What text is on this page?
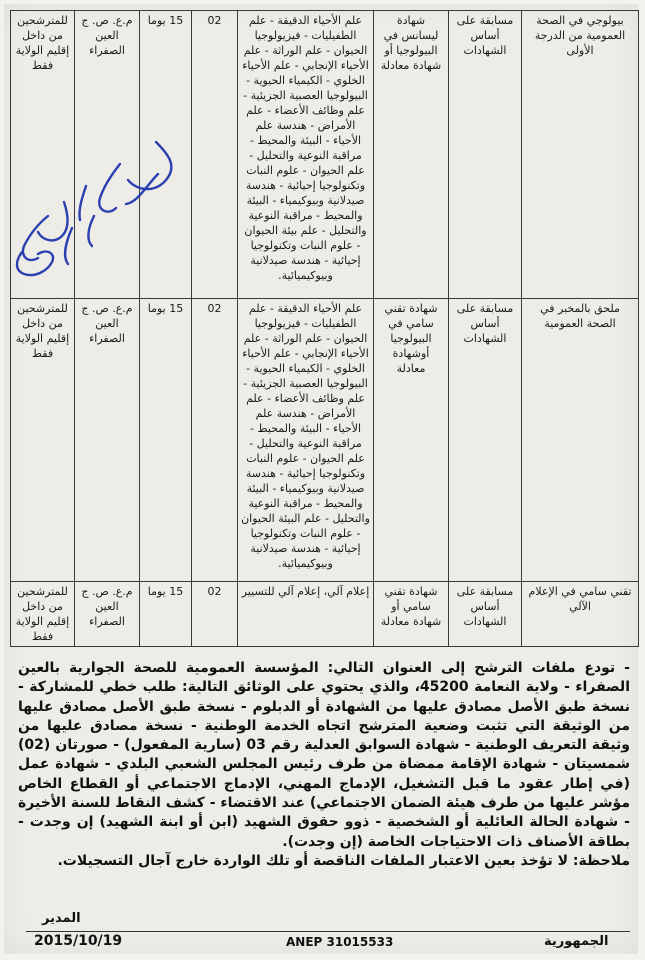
بيولوجي في الصحة العمومية من الدرجة الأولى	مسابقة على أساس الشهادات	شهادة ليسانس في البيولوجيا أو شهادة معادلة	علم الأحياء الدقيقة - علم الطفيليات - فيزيولوجيا الحيوان - علم الوراثة - علم الأحياء الإنجابي - علم الأحياء الخلوي - الكيمياء الحيوية - البيولوجيا العصبية الجزيئية - علم وظائف الأعضاء - علم الأمراض - هندسة علم الأحياء - البيئة والمحيط - مراقبة النوعية والتحليل - علم الحيوان - علوم النبات وتكنولوجيا إحيائية - هندسة صيدلانية وبيوكيمياء - البيئة والمحيط - مراقبة النوعية والتحليل - علم بيئة الحيوان - علوم النبات وتكنولوجيا إحيائية - هندسة صيدلانية وبيوكيميائية.	02	15 يوما	م.ع. ص. ج العين الصفراء	للمترشحين من داخل إقليم الولاية فقط
ملحق بالمخبر في الصحة العمومية	مسابقة على أساس الشهادات	شهادة تقني سامي في البيولوجيا أوشهادة معادلة	علم الأحياء الدقيقة - علم الطفيليات - فيزيولوجيا الحيوان - علم الوراثة - علم الأحياء الإنجابي - علم الأحياء الخلوي - الكيمياء الحيوية - البيولوجيا العصبية الجزيئية - علم وظائف الأعضاء - علم الأمراض - هندسة علم الأحياء - البيئة والمحيط - مراقبة النوعية والتحليل - علم الحيوان - علوم النبات وتكنولوجيا إحيائية - هندسة صيدلانية وبيوكيمياء - البيئة والمحيط - مراقبة النوعية والتحليل - علم البيئة الحيوان - علوم النبات وتكنولوجيا إحيائية - هندسة صيدلانية وبيوكيميائية.	02	15 يوما	م.ع. ص. ج العين الصفراء	للمترشحين من داخل إقليم الولاية فقط
تقني سامي في الإعلام الآلي	مسابقة على أساس الشهادات	شهادة تقني سامي أو شهادة معادلة	إعلام آلي، إعلام آلي للتسيير	02	15 يوما	م.ع. ص. ج العين الصفراء	للمترشحين من داخل إقليم الولاية فقط

- تودع ملفات الترشح إلى العنوان التالي: المؤسسة العمومية للصحة الجوارية بالعين الصفراء - ولاية النعامة 45200، والذي يحتوي على الوثائق التالية: طلب خطي للمشاركة - نسخة طبق الأصل مصادق عليها من الشهادة أو الدبلوم - نسخة طبق الأصل مصادق عليها من الوثيقة التي تثبت وضعية المترشح اتجاه الخدمة الوطنية - نسخة مصادق عليها من وثيقة التعريف الوطنية - شهادة السوابق العدلية رقم 03 (سارية المفعول) - صورتان (02) شمسيتان - شهادة الإقامة ممضاة من طرف رئيس المجلس الشعبي البلدي - شهادة عمل (في إطار عقود ما قبل التشغيل، الإدماج المهني، الإدماج الاجتماعي أو القطاع الخاص مؤشر عليها من طرف هيئة الضمان الاجتماعي) عند الاقتضاء - كشف النقاط للسنة الأخيرة - شهادة الحالة العائلية أو الشخصية - ذوو حقوق الشهيد (ابن أو ابنة الشهيد) إن وجدت - بطاقة الأصناف ذات الاحتياجات الخاصة (إن وجدت).

ملاحظة: لا تؤخذ بعين الاعتبار الملفات الناقصة أو تلك الواردة خارج آجال التسجيلات.

المدير
2015/10/19	ANEP 31015533	الجمهورية
